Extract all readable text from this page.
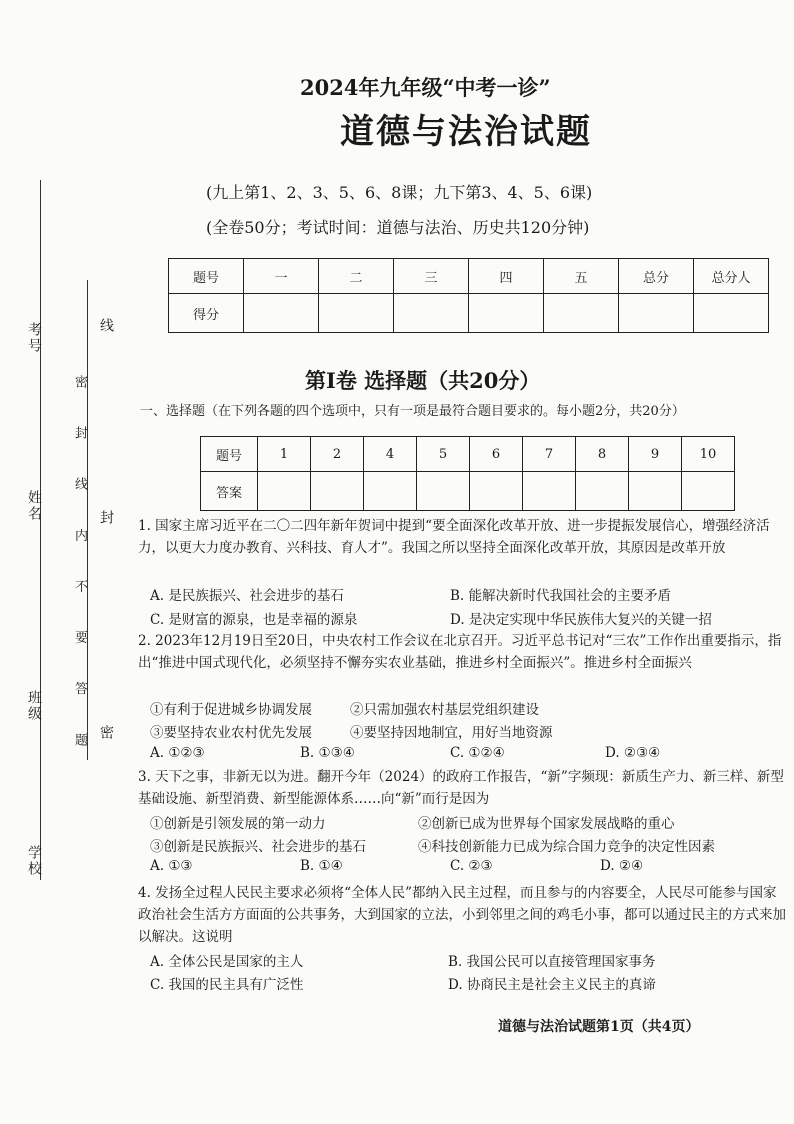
考号
姓名
班级
学校
密 封 线 内 不 要 答 题
线
封
密
2024年九年级“中考一诊”
道德与法治试题
(九上第1、2、3、5、6、8课；九下第3、4、5、6课)
(全卷50分；考试时间：道德与法治、历史共120分钟)
题号	一	二	三	四	五	总分	总分人
得分							
第Ⅰ卷 选择题（共20分）
一、选择题（在下列各题的四个选项中，只有一项是最符合题目要求的。每小题2分，共20分）
题号	1	2	4	5	6	7	8	9	10
答案									
1. 国家主席习近平在二〇二四年新年贺词中提到“要全面深化改革开放、进一步提振发展信心，增强经济活力，以更大力度办教育、兴科技、育人才”。我国之所以坚持全面深化改革开放，其原因是改革开放
A. 是民族振兴、社会进步的基石	B. 能解决新时代我国社会的主要矛盾
C. 是财富的源泉，也是幸福的源泉	D. 是决定实现中华民族伟大复兴的关键一招
2. 2023年12月19日至20日，中央农村工作会议在北京召开。习近平总书记对“三农”工作作出重要指示，指出“推进中国式现代化，必须坚持不懈夯实农业基础，推进乡村全面振兴”。推进乡村全面振兴
①有利于促进城乡协调发展	②只需加强农村基层党组织建设
③要坚持农业农村优先发展	④要坚持因地制宜，用好当地资源
A. ①②③	B. ①③④	C. ①②④	D. ②③④
3. 天下之事，非新无以为进。翻开今年（2024）的政府工作报告，“新”字频现：新质生产力、新三样、新型基础设施、新型消费、新型能源体系……向“新”而行是因为
①创新是引领发展的第一动力	②创新已成为世界每个国家发展战略的重心
③创新是民族振兴、社会进步的基石	④科技创新能力已成为综合国力竞争的决定性因素
A. ①③	B. ①④	C. ②③	D. ②④
4. 发扬全过程人民民主要求必须将“全体人民”都纳入民主过程，而且参与的内容要全，人民尽可能参与国家政治社会生活方方面面的公共事务，大到国家的立法，小到邻里之间的鸡毛小事，都可以通过民主的方式来加以解决。这说明
A. 全体公民是国家的主人	B. 我国公民可以直接管理国家事务
C. 我国的民主具有广泛性	D. 协商民主是社会主义民主的真谛
道德与法治试题第1页（共4页）
